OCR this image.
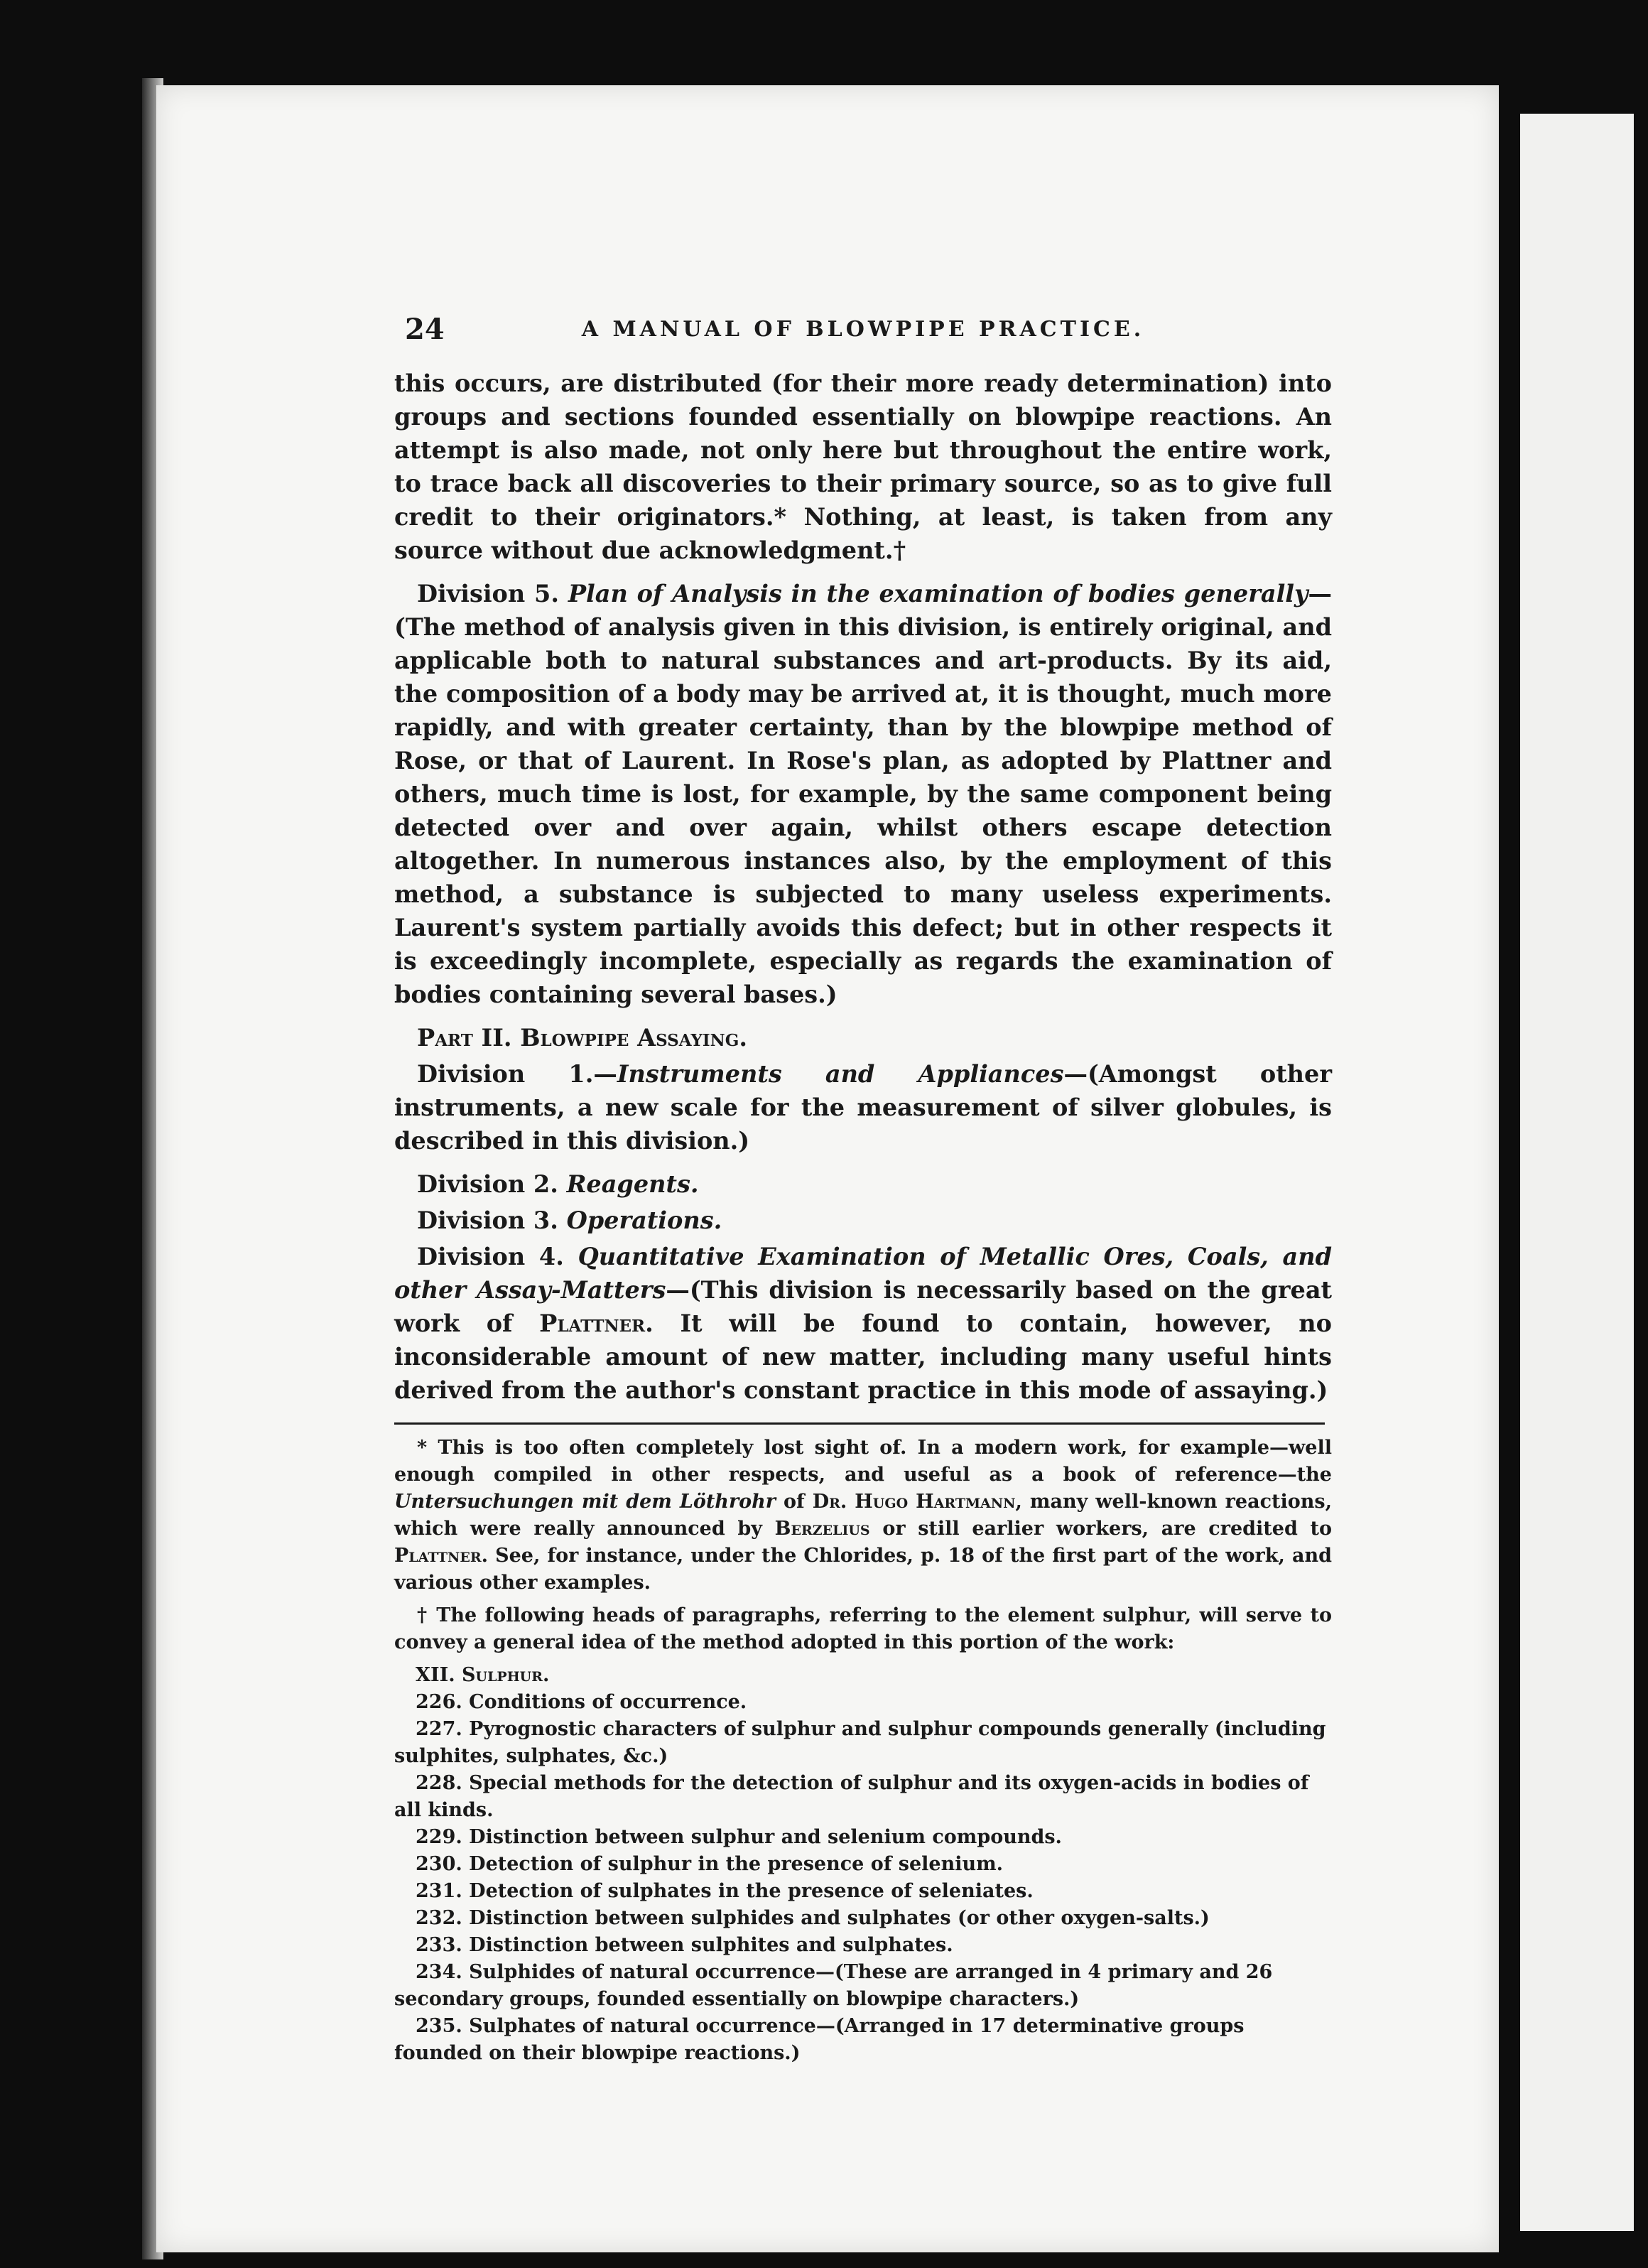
24	A MANUAL OF BLOWPIPE PRACTICE.

this occurs, are distributed (for their more ready determination) into groups and sections founded essentially on blowpipe reactions. An attempt is also made, not only here but throughout the entire work, to trace back all discoveries to their primary source, so as to give full credit to their originators.* Nothing, at least, is taken from any source without due acknowledgment.†

Division 5. Plan of Analysis in the examination of bodies generally—(The method of analysis given in this division, is entirely original, and applicable both to natural substances and art-products. By its aid, the composition of a body may be arrived at, it is thought, much more rapidly, and with greater certainty, than by the blowpipe method of Rose, or that of Laurent. In Rose's plan, as adopted by Plattner and others, much time is lost, for example, by the same component being detected over and over again, whilst others escape detection altogether. In numerous instances also, by the employment of this method, a substance is subjected to many useless experiments. Laurent's system partially avoids this defect; but in other respects it is exceedingly incomplete, especially as regards the examination of bodies containing several bases.)

Part II. Blowpipe Assaying.

Division 1.—Instruments and Appliances—(Amongst other instruments, a new scale for the measurement of silver globules, is described in this division.)

Division 2. Reagents.

Division 3. Operations.

Division 4. Quantitative Examination of Metallic Ores, Coals, and other Assay-Matters—(This division is necessarily based on the great work of Plattner. It will be found to contain, however, no inconsiderable amount of new matter, including many useful hints derived from the author's constant practice in this mode of assaying.)

* This is too often completely lost sight of. In a modern work, for example—well enough compiled in other respects, and useful as a book of reference—the Untersuchungen mit dem Löthrohr of Dr. Hugo Hartmann, many well-known reactions, which were really announced by Berzelius or still earlier workers, are credited to Plattner. See, for instance, under the Chlorides, p. 18 of the first part of the work, and various other examples.

† The following heads of paragraphs, referring to the element sulphur, will serve to convey a general idea of the method adopted in this portion of the work:

XII. Sulphur.

226. Conditions of occurrence.

227. Pyrognostic characters of sulphur and sulphur compounds generally (including sulphites, sulphates, &c.)

228. Special methods for the detection of sulphur and its oxygen-acids in bodies of all kinds.

229. Distinction between sulphur and selenium compounds.

230. Detection of sulphur in the presence of selenium.

231. Detection of sulphates in the presence of seleniates.

232. Distinction between sulphides and sulphates (or other oxygen-salts.)

233. Distinction between sulphites and sulphates.

234. Sulphides of natural occurrence—(These are arranged in 4 primary and 26 secondary groups, founded essentially on blowpipe characters.)

235. Sulphates of natural occurrence—(Arranged in 17 determinative groups founded on their blowpipe reactions.)
